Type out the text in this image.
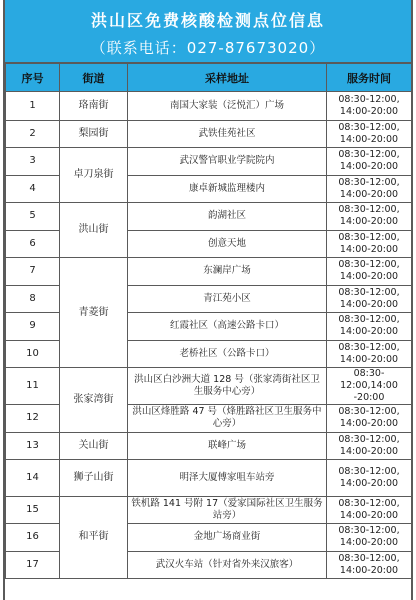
洪山区免费核酸检测点位信息
（联系电话：027-87673020）
序号	街道	采样地址	服务时间
1	珞南街	南国大家装（泛悦汇）广场	08:30-12:00,
14:00-20:00

2	梨园街	武铁佳苑社区	08:30-12:00,
14:00-20:00

3	卓刀泉街	武汉警官职业学院院内	08:30-12:00,
14:00-20:00

4		康卓新城监理楼内	08:30-12:00,
14:00-20:00

5	洪山街	韵湖社区	08:30-12:00,
14:00-20:00

6		创意天地	08:30-12:00,
14:00-20:00

7	青菱街	东澜岸广场	08:30-12:00,
14:00-20:00

8		青江苑小区	08:30-12:00,
14:00-20:00

9		红霞社区（高速公路卡口）	08:30-12:00,
14:00-20:00

10		老桥社区（公路卡口）	08:30-12:00,
14:00-20:00

11	张家湾街	洪山区白沙洲大道 128 号（张家湾街社区卫生服务中心旁）	08:30-12:00,14:00
-20:00

12		洪山区烽胜路 47 号（烽胜路社区卫生服务中心旁）	08:30-12:00,
14:00-20:00

13	关山街	联峰广场	08:30-12:00,
14:00-20:00

14	狮子山街	明泽大厦傅家咀车站旁	08:30-12:00,
14:00-20:00

15	和平街	铁机路 141 号附 17（爱家国际社区卫生服务站旁）	08:30-12:00,
14:00-20:00

16		金地广场商业街	08:30-12:00,
14:00-20:00

17		武汉火车站（针对省外来汉旅客）	08:30-12:00,
14:00-20:00
